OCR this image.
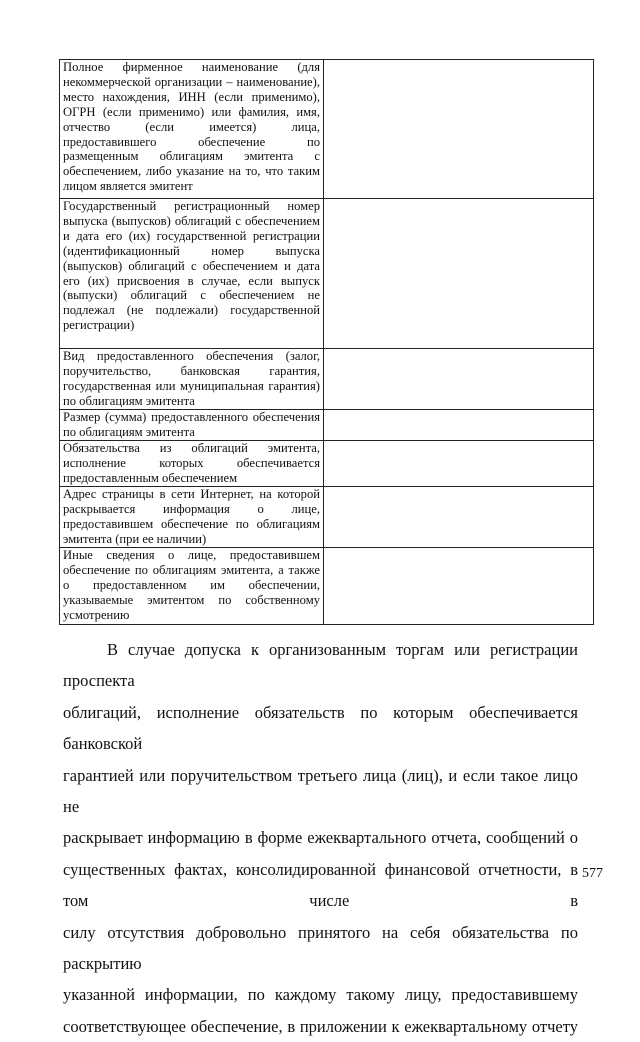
Полное фирменное наименование (для некоммерческой организации – наименование), место нахождения, ИНН (если применимо), ОГРН (если применимо) или фамилия, имя, отчество (если имеется) лица, предоставившего обеспечение по размещенным облигациям эмитента с обеспечением, либо указание на то, что таким лицом является эмитент	
Государственный регистрационный номер выпуска (выпусков) облигаций с обеспечением и дата его (их) государственной регистрации (идентификационный номер выпуска (выпусков) облигаций с обеспечением и дата его (их) присвоения в случае, если выпуск (выпуски) облигаций с обеспечением не подлежал (не подлежали) государственной регистрации)	
Вид предоставленного обеспечения (залог, поручительство, банковская гарантия, государственная или муниципальная гарантия) по облигациям эмитента	
Размер (сумма) предоставленного обеспечения по облигациям эмитента	
Обязательства из облигаций эмитента, исполнение которых обеспечивается предоставленным обеспечением	
Адрес страницы в сети Интернет, на которой раскрывается информация о лице, предоставившем обеспечение по облигациям эмитента (при ее наличии)	
Иные сведения о лице, предоставившем обеспечение по облигациям эмитента, а также о предоставленном им обеспечении, указываемые эмитентом по собственному усмотрению	
В случае допуска к организованным торгам или регистрации проспекта
облигаций, исполнение обязательств по которым обеспечивается банковской
гарантией или поручительством третьего лица (лиц), и если такое лицо не
раскрывает информацию в форме ежеквартального отчета, сообщений о
существенных фактах, консолидированной финансовой отчетности, в том числе в
силу отсутствия добровольно принятого на себя обязательства по раскрытию
указанной информации, по каждому такому лицу, предоставившему
соответствующее обеспечение, в приложении к ежеквартальному отчету
577
